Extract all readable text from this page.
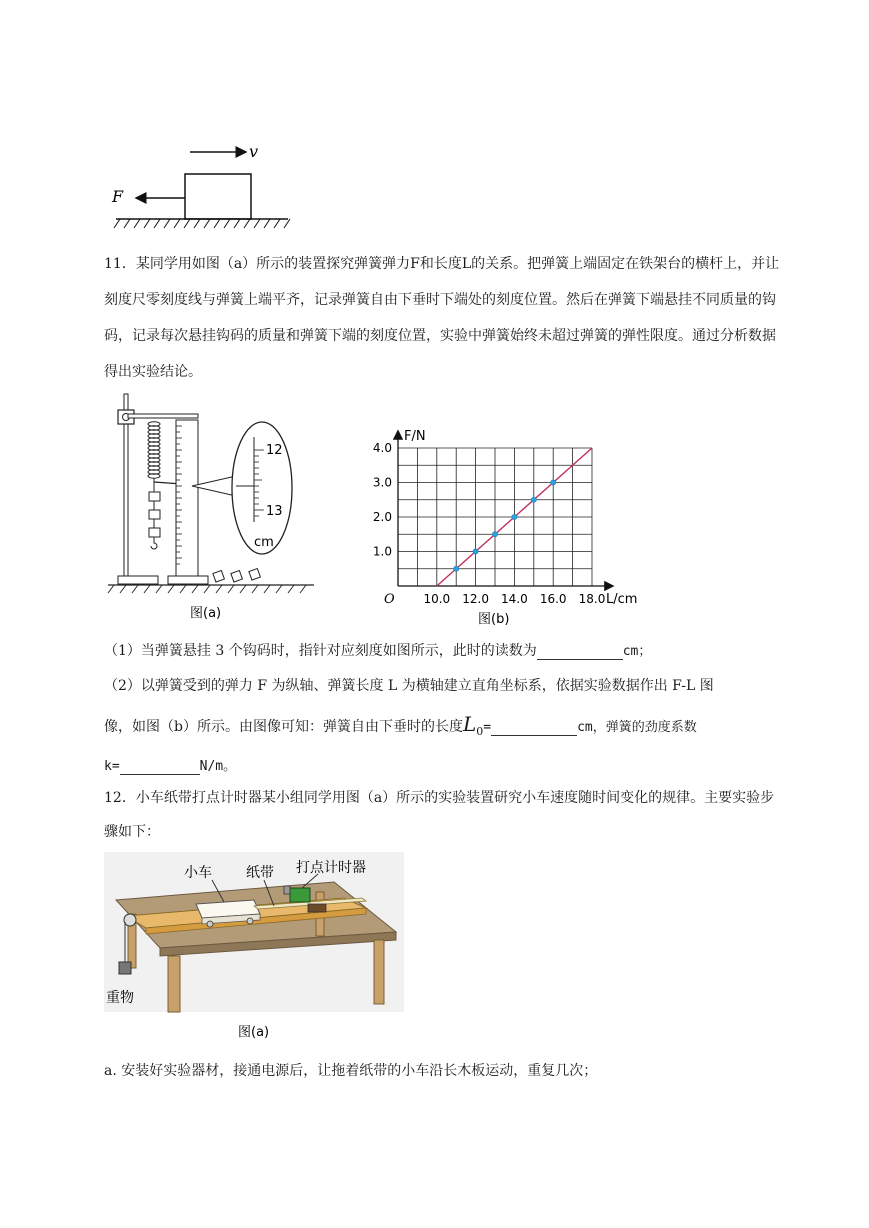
v
F
11．某同学用如图（a）所示的装置探究弹簧弹力F和长度L的关系。把弹簧上端固定在铁架台的横杆上，并让刻度尺零刻度线与弹簧上端平齐，记录弹簧自由下垂时下端处的刻度位置。然后在弹簧下端悬挂不同质量的钩码，记录每次悬挂钩码的质量和弹簧下端的刻度位置，实验中弹簧始终未超过弹簧的弹性限度。通过分析数据得出实验结论。
12
13
cm
图(a)
10.0 12.0 14.0 16.0 18.0
1.0
2.0
3.0
4.0
O
F/N
L/cm
图(b)
（1）当弹簧悬挂 3 个钩码时，指针对应刻度如图所示，此时的读数为	cm；
（2）以弹簧受到的弹力 F 为纵轴、弹簧长度 L 为横轴建立直角坐标系，依据实验数据作出 F-L 图
像，如图（b）所示。由图像可知：弹簧自由下垂时的长度$L_0=$	cm，弹簧的劲度系数
k=	N/m。
12．小车纸带打点计时器某小组同学用图（a）所示的实验装置研究小车速度随时间变化的规律。主要实验步骤如下：
小车 纸带 打点计时器
重物
图(a)
a. 安装好实验器材，接通电源后，让拖着纸带的小车沿长木板运动，重复几次；
